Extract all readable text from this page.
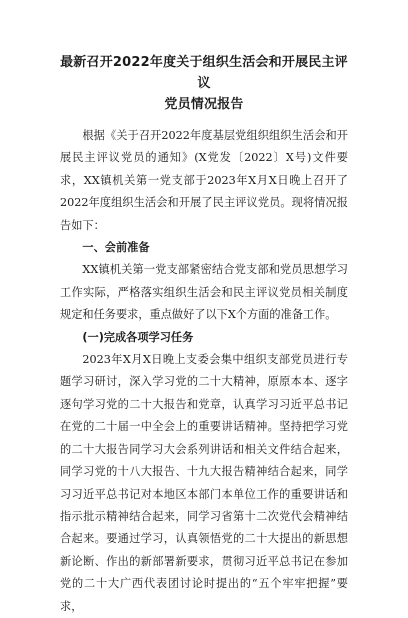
最新召开2022年度关于组织生活会和开展民主评议
党员情况报告

根据《关于召开2022年度基层党组织组织生活会和开展民主评议党员的通知》(X党发〔2022〕X号)文件要求，XX镇机关第一党支部于2023年X月X日晚上召开了2022年度组织生活会和开展了民主评议党员。现将情况报告如下：

一、会前准备

XX镇机关第一党支部紧密结合党支部和党员思想学习工作实际，严格落实组织生活会和民主评议党员相关制度规定和任务要求，重点做好了以下X个方面的准备工作。

(一)完成各项学习任务

2023年X月X日晚上支委会集中组织支部党员进行专题学习研讨，深入学习党的二十大精神，原原本本、逐字逐句学习党的二十大报告和党章，认真学习习近平总书记在党的二十届一中全会上的重要讲话精神。坚持把学习党的二十大报告同学习大会系列讲话和相关文件结合起来，同学习党的十八大报告、十九大报告精神结合起来，同学习习近平总书记对本地区本部门本单位工作的重要讲话和指示批示精神结合起来，同学习省第十二次党代会精神结合起来。要通过学习，认真领悟党的二十大提出的新思想新论断、作出的新部署新要求，贯彻习近平总书记在参加党的二十大广西代表团讨论时提出的“五个牢牢把握”要求，
